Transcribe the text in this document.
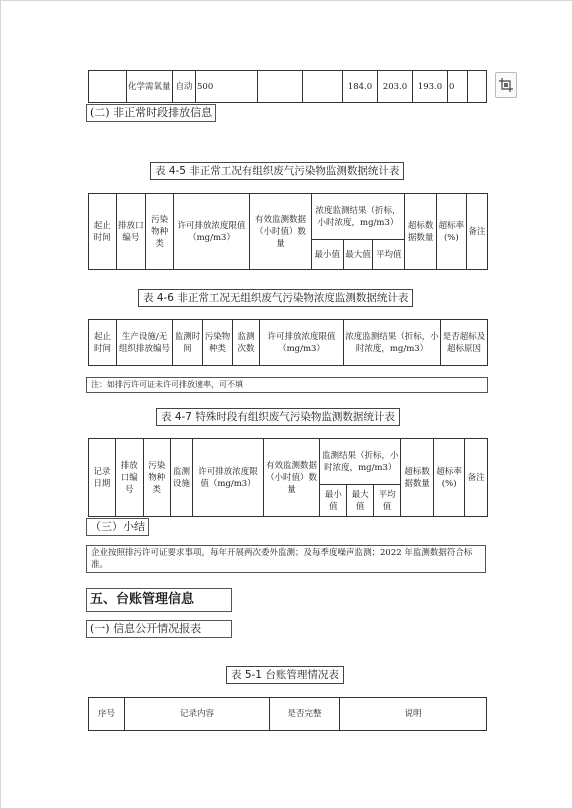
	化学需氧量	自动	500			184.0	203.0	193.0	0	
(二) 非正常时段排放信息
表 4-5 非正常工况有组织废气污染物监测数据统计表
起止时间	排放口编号	污染物种类	许可排放浓度限值（mg/m3）	有效监测数据（小时值）数量	浓度监测结果（折标，小时浓度，mg/m3）			超标数据数量	超标率(%)	备注
					最小值	最大值	平均值			
表 4-6 非正常工况无组织废气污染物浓度监测数据统计表
起止时间	生产设施/无组织排放编号	监测时间	污染物种类	监测次数	许可排放浓度限值（mg/m3）	浓度监测结果（折标，小时浓度，mg/m3）	是否超标及超标原因
注：如排污许可证未许可排放速率，可不填
表 4-7 特殊时段有组织废气污染物监测数据统计表
记录日期	排放口编号	污染物种类	监测设施	许可排放浓度限值（mg/m3）	有效监测数据（小时值）数量	监测结果（折标，小时浓度，mg/m3）			超标数据数量	超标率(%)	备注
						最小值	最大值	平均值			
（三）小结
企业按照排污许可证要求事项，每年开展两次委外监测；及每季度噪声监测；2022 年监测数据符合标准。
五、台账管理信息
(一) 信息公开情况报表
表 5-1 台账管理情况表
序号	记录内容	是否完整	说明
